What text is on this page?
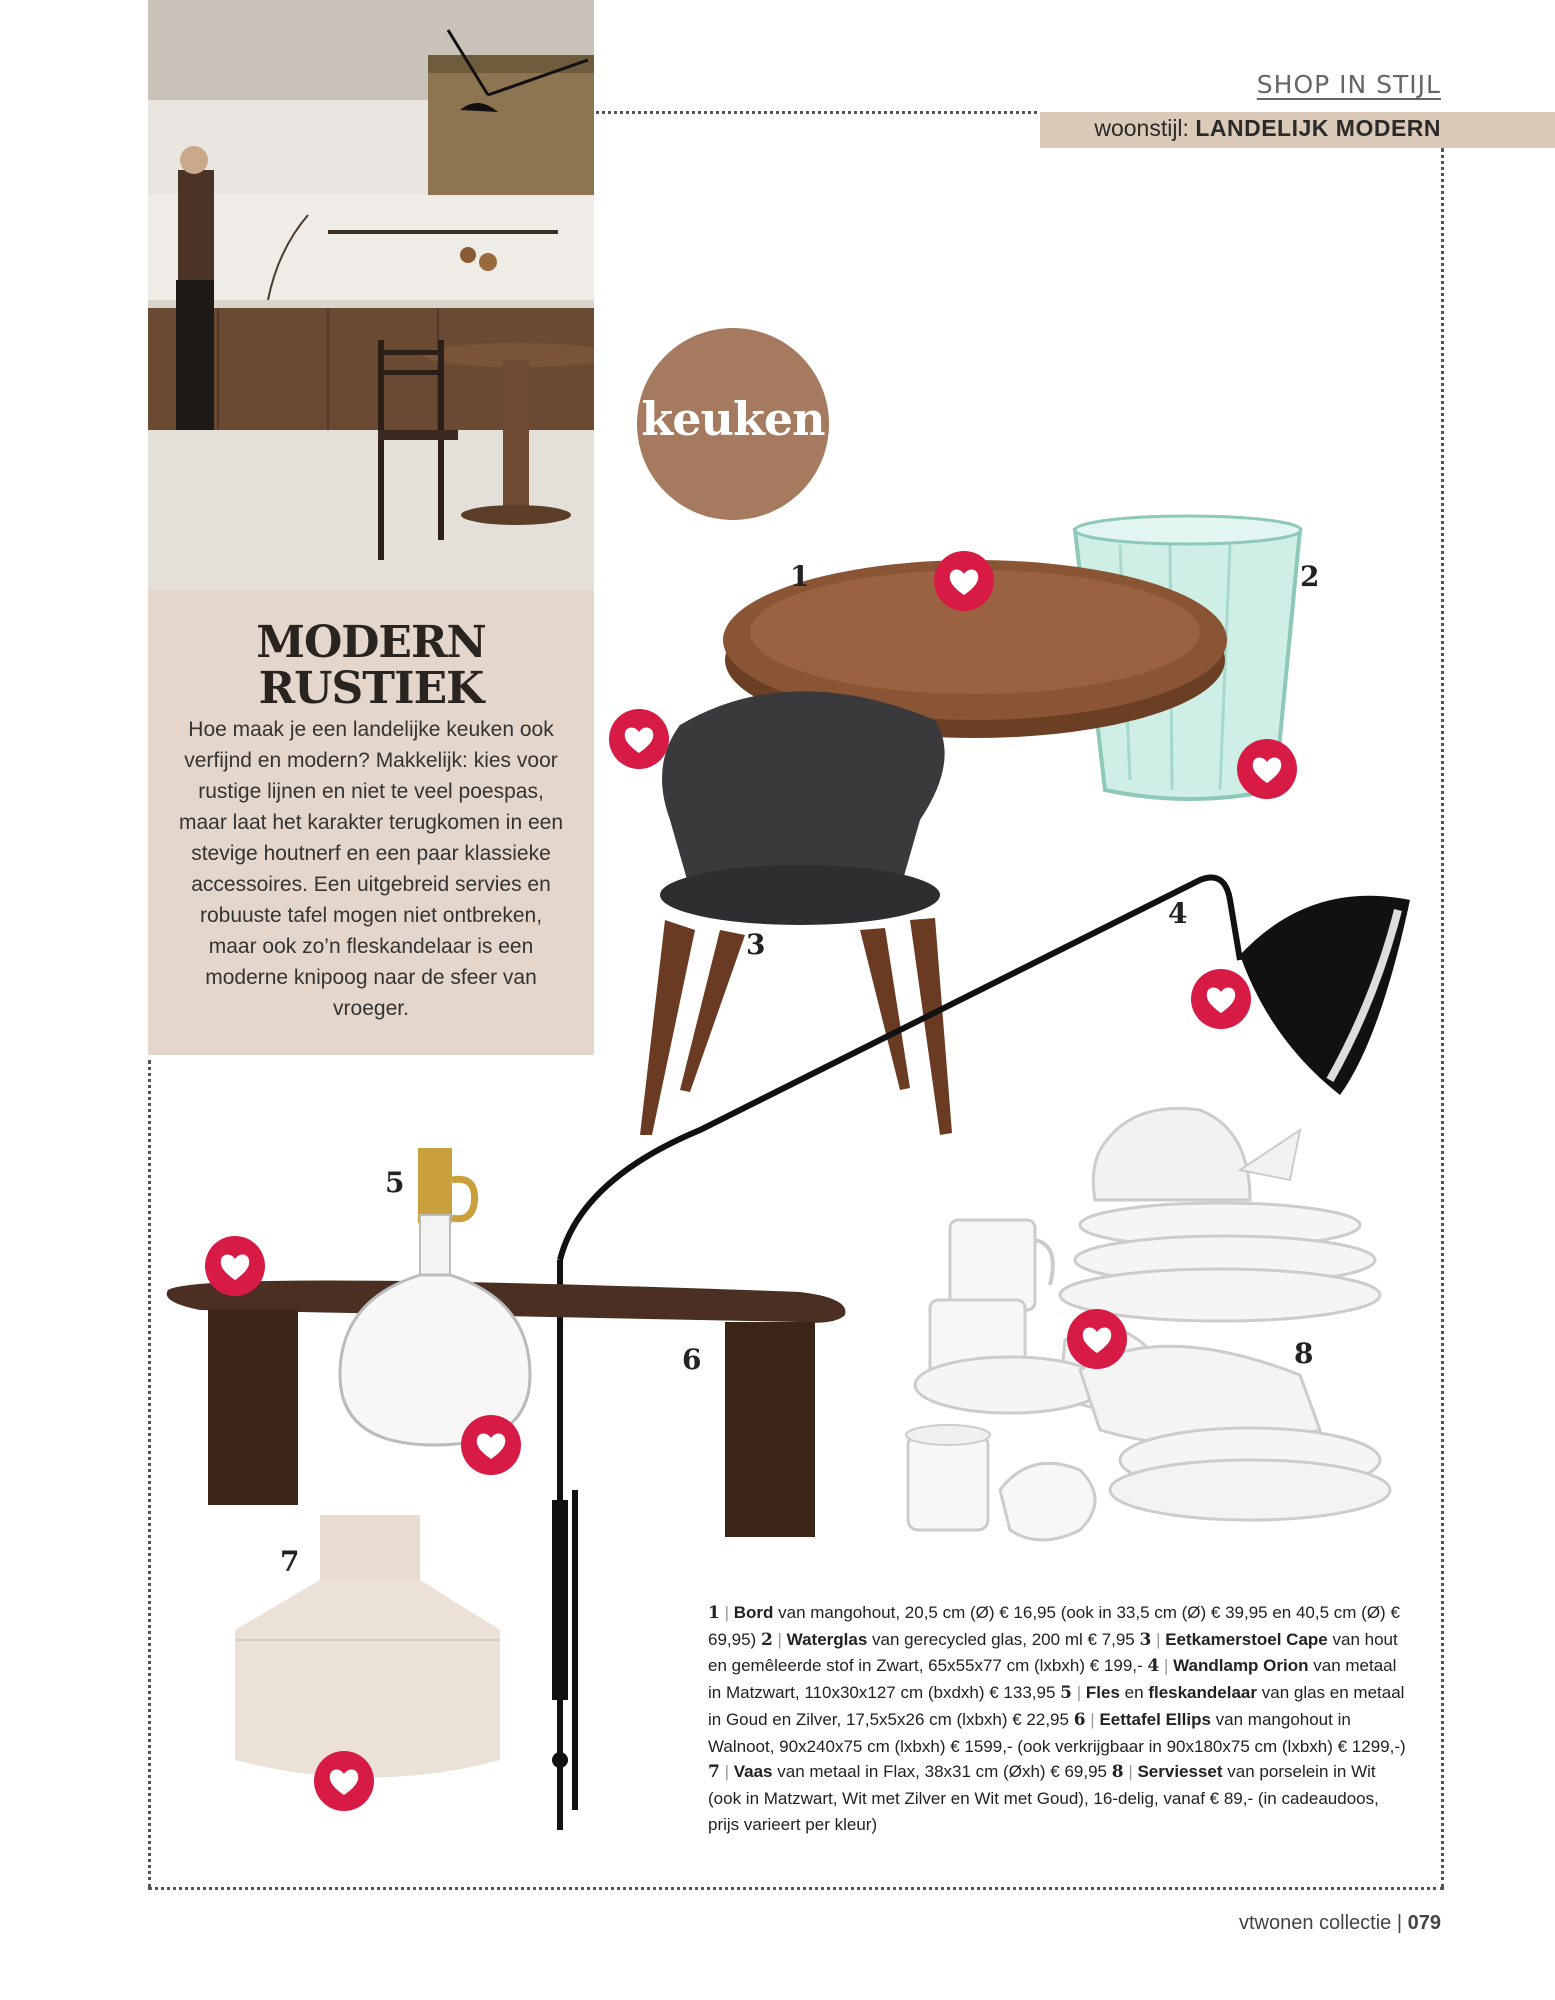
SHOP IN STIJL
woonstijl: LANDELIJK MODERN
MODERN
RUSTIEK
Hoe maak je een landelijke keuken ook verfijnd en modern? Makkelijk: kies voor rustige lijnen en niet te veel poespas, maar laat het karakter terugkomen in een stevige houtnerf en een paar klassieke accessoires. Een uitgebreid servies en robuuste tafel mogen niet ontbreken, maar ook zo’n fleskandelaar is een moderne knipoog naar de sfeer van vroeger.
keuken
1	2
3
4
5
6
7
8
1 | Bord van mangohout, 20,5 cm (Ø) € 16,95 (ook in 33,5 cm (Ø) € 39,95 en 40,5 cm (Ø) € 69,95) 2 | Waterglas van gerecycled glas, 200 ml € 7,95 3 | Eetkamerstoel Cape van hout en gemêleerde stof in Zwart, 65x55x77 cm (lxbxh) € 199,- 4 | Wandlamp Orion van metaal in Matzwart, 110x30x127 cm (bxdxh) € 133,95 5 | Fles en fleskandelaar van glas en metaal in Goud en Zilver, 17,5x5x26 cm (lxbxh) € 22,95 6 | Eettafel Ellips van mangohout in Walnoot, 90x240x75 cm (lxbxh) € 1599,- (ook verkrijgbaar in 90x180x75 cm (lxbxh) € 1299,-) 7 | Vaas van metaal in Flax, 38x31 cm (Øxh) € 69,95 8 | Serviesset van porselein in Wit (ook in Matzwart, Wit met Zilver en Wit met Goud), 16-delig, vanaf € 89,- (in cadeaudoos, prijs varieert per kleur)
vtwonen collectie | 079
